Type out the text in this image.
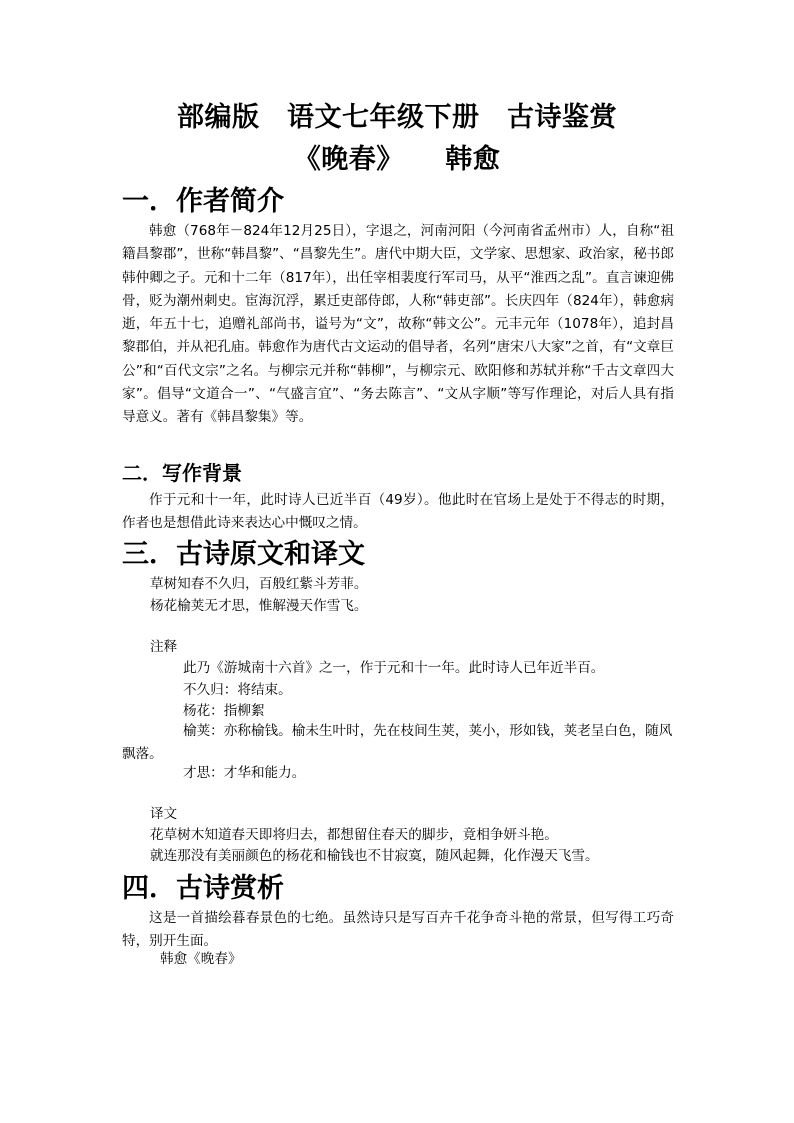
部编版　语文七年级下册　古诗鉴赏
《晚春》　　韩愈
一．作者简介
韩愈（768年－824年12月25日），字退之，河南河阳（今河南省孟州市）人，自称“祖籍昌黎郡”，世称“韩昌黎”、“昌黎先生”。唐代中期大臣，文学家、思想家、政治家，秘书郎韩仲卿之子。元和十二年（817年），出任宰相裴度行军司马，从平“淮西之乱”。直言谏迎佛骨，贬为潮州刺史。宦海沉浮，累迁吏部侍郎，人称“韩吏部”。长庆四年（824年），韩愈病逝，年五十七，追赠礼部尚书，谥号为“文”，故称“韩文公”。元丰元年（1078年），追封昌黎郡伯，并从祀孔庙。韩愈作为唐代古文运动的倡导者，名列“唐宋八大家”之首，有“文章巨公”和“百代文宗”之名。与柳宗元并称“韩柳”，与柳宗元、欧阳修和苏轼并称“千古文章四大家”。倡导“文道合一”、“气盛言宜”、“务去陈言”、“文从字顺”等写作理论，对后人具有指导意义。著有《韩昌黎集》等。
二．写作背景
作于元和十一年，此时诗人已近半百（49岁）。他此时在官场上是处于不得志的时期，作者也是想借此诗来表达心中慨叹之情。
三．古诗原文和译文
草树知春不久归，百般红紫斗芳菲。
杨花榆荚无才思，惟解漫天作雪飞。
注释
此乃《游城南十六首》之一，作于元和十一年。此时诗人已年近半百。
不久归：将结束。
杨花：指柳絮
榆荚：亦称榆钱。榆未生叶时，先在枝间生荚，荚小，形如钱，荚老呈白色，随风飘落。
才思：才华和能力。
译文
花草树木知道春天即将归去，都想留住春天的脚步，竟相争妍斗艳。
就连那没有美丽颜色的杨花和榆钱也不甘寂寞，随风起舞，化作漫天飞雪。
四．古诗赏析
这是一首描绘暮春景色的七绝。虽然诗只是写百卉千花争奇斗艳的常景，但写得工巧奇特，别开生面。
韩愈《晚春》
